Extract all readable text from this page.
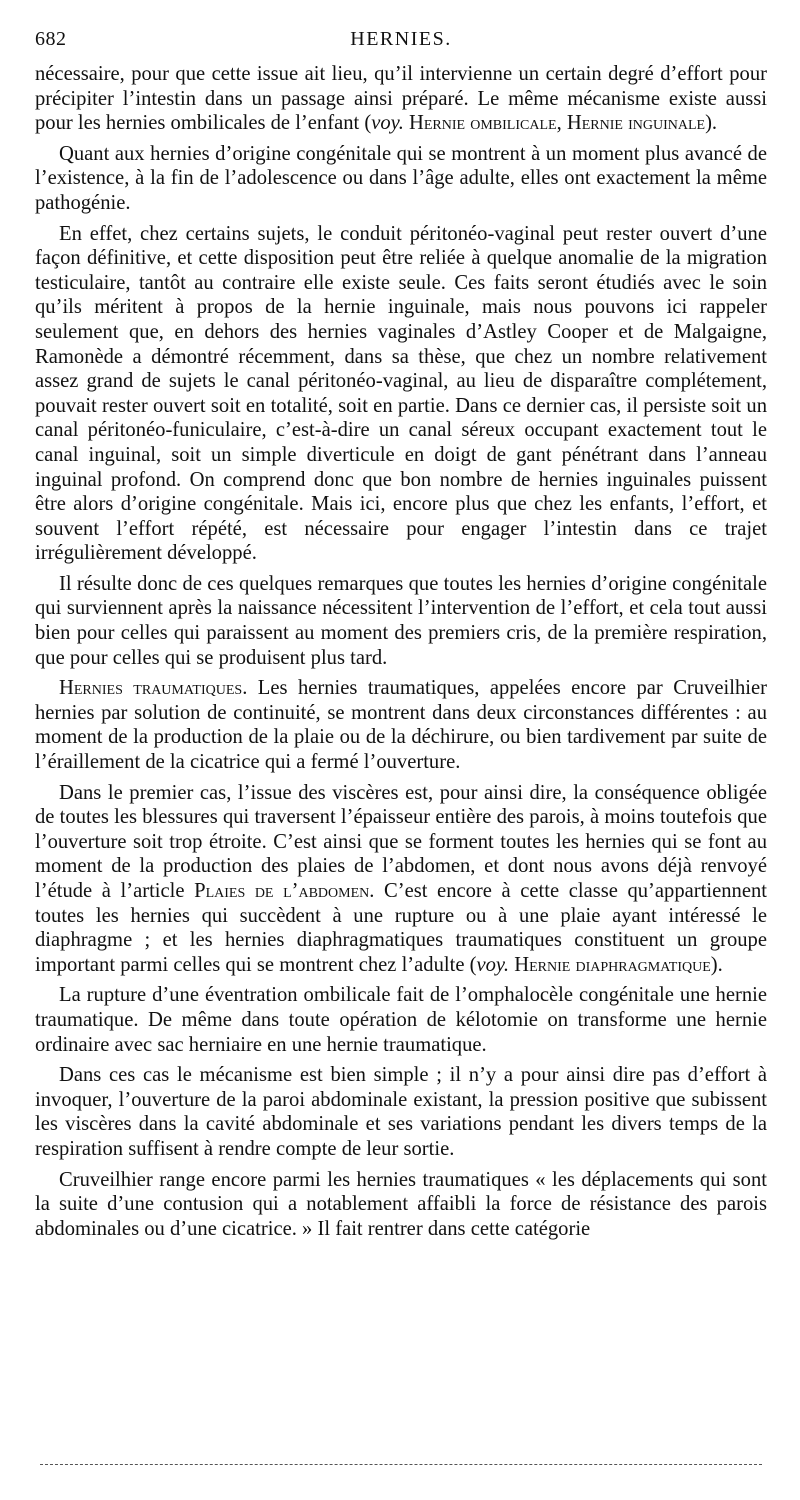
682	HERNIES.

nécessaire, pour que cette issue ait lieu, qu’il intervienne un certain degré d’effort pour précipiter l’intestin dans un passage ainsi préparé. Le même mécanisme existe aussi pour les hernies ombilicales de l’enfant (voy. Hernie ombilicale, Hernie inguinale).

Quant aux hernies d’origine congénitale qui se montrent à un moment plus avancé de l’existence, à la fin de l’adolescence ou dans l’âge adulte, elles ont exactement la même pathogénie.

En effet, chez certains sujets, le conduit péritonéo-vaginal peut rester ouvert d’une façon définitive, et cette disposition peut être reliée à quelque anomalie de la migration testiculaire, tantôt au contraire elle existe seule. Ces faits seront étudiés avec le soin qu’ils méritent à propos de la hernie inguinale, mais nous pouvons ici rappeler seulement que, en dehors des hernies vaginales d’Astley Cooper et de Malgaigne, Ramonède a démontré récemment, dans sa thèse, que chez un nombre relativement assez grand de sujets le canal péritonéo-vaginal, au lieu de disparaître complétement, pouvait rester ouvert soit en totalité, soit en partie. Dans ce dernier cas, il persiste soit un canal péritonéo-funiculaire, c’est-à-dire un canal séreux occupant exactement tout le canal inguinal, soit un simple diverticule en doigt de gant pénétrant dans l’anneau inguinal profond. On comprend donc que bon nombre de hernies inguinales puissent être alors d’origine congénitale. Mais ici, encore plus que chez les enfants, l’effort, et souvent l’effort répété, est nécessaire pour engager l’intestin dans ce trajet irrégulièrement développé.

Il résulte donc de ces quelques remarques que toutes les hernies d’origine congénitale qui surviennent après la naissance nécessitent l’intervention de l’effort, et cela tout aussi bien pour celles qui paraissent au moment des premiers cris, de la première respiration, que pour celles qui se produisent plus tard.

Hernies traumatiques. Les hernies traumatiques, appelées encore par Cruveilhier hernies par solution de continuité, se montrent dans deux circonstances différentes : au moment de la production de la plaie ou de la déchirure, ou bien tardivement par suite de l’éraillement de la cicatrice qui a fermé l’ouverture.

Dans le premier cas, l’issue des viscères est, pour ainsi dire, la conséquence obligée de toutes les blessures qui traversent l’épaisseur entière des parois, à moins toutefois que l’ouverture soit trop étroite. C’est ainsi que se forment toutes les hernies qui se font au moment de la production des plaies de l’abdomen, et dont nous avons déjà renvoyé l’étude à l’article Plaies de l’abdomen. C’est encore à cette classe qu’appartiennent toutes les hernies qui succèdent à une rupture ou à une plaie ayant intéressé le diaphragme ; et les hernies diaphragmatiques traumatiques constituent un groupe important parmi celles qui se montrent chez l’adulte (voy. Hernie diaphragmatique).

La rupture d’une éventration ombilicale fait de l’omphalocèle congénitale une hernie traumatique. De même dans toute opération de kélotomie on transforme une hernie ordinaire avec sac herniaire en une hernie traumatique.

Dans ces cas le mécanisme est bien simple ; il n’y a pour ainsi dire pas d’effort à invoquer, l’ouverture de la paroi abdominale existant, la pression positive que subissent les viscères dans la cavité abdominale et ses variations pendant les divers temps de la respiration suffisent à rendre compte de leur sortie.

Cruveilhier range encore parmi les hernies traumatiques « les déplacements qui sont la suite d’une contusion qui a notablement affaibli la force de résistance des parois abdominales ou d’une cicatrice. » Il fait rentrer dans cette catégorie
